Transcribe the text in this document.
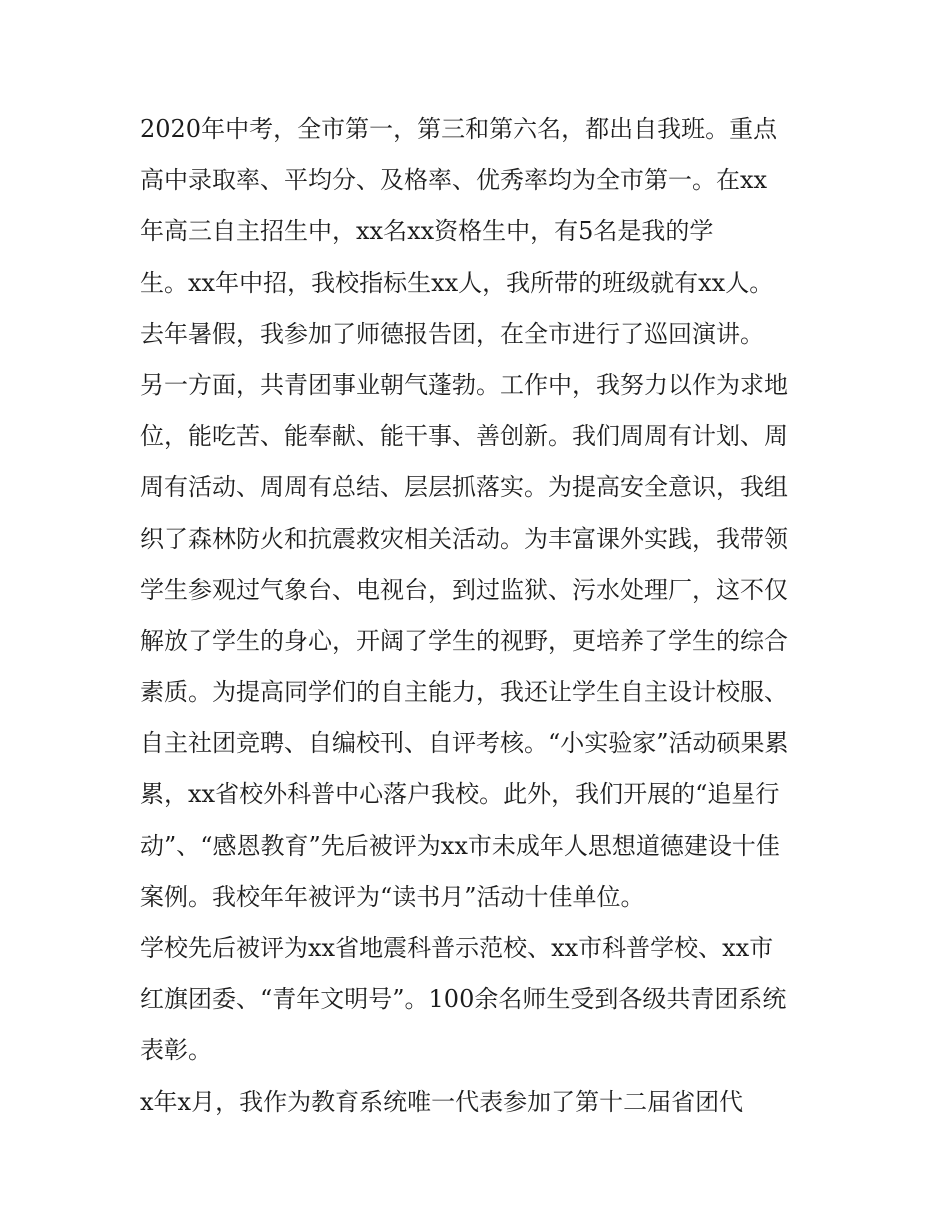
2020年中考，全市第一，第三和第六名，都出自我班。重点
高中录取率、平均分、及格率、优秀率均为全市第一。在xx
年高三自主招生中，xx名xx资格生中，有5名是我的学
生。xx年中招，我校指标生xx人，我所带的班级就有xx人。
去年暑假，我参加了师德报告团，在全市进行了巡回演讲。
另一方面，共青团事业朝气蓬勃。工作中，我努力以作为求地
位，能吃苦、能奉献、能干事、善创新。我们周周有计划、周
周有活动、周周有总结、层层抓落实。为提高安全意识，我组
织了森林防火和抗震救灾相关活动。为丰富课外实践，我带领
学生参观过气象台、电视台，到过监狱、污水处理厂，这不仅
解放了学生的身心，开阔了学生的视野，更培养了学生的综合
素质。为提高同学们的自主能力，我还让学生自主设计校服、
自主社团竞聘、自编校刊、自评考核。“小实验家”活动硕果累
累，xx省校外科普中心落户我校。此外，我们开展的“追星行
动”、“感恩教育”先后被评为xx市未成年人思想道德建设十佳
案例。我校年年被评为“读书月”活动十佳单位。
学校先后被评为xx省地震科普示范校、xx市科普学校、xx市
红旗团委、“青年文明号”。100余名师生受到各级共青团系统
表彰。
x年x月，我作为教育系统唯一代表参加了第十二届省团代
